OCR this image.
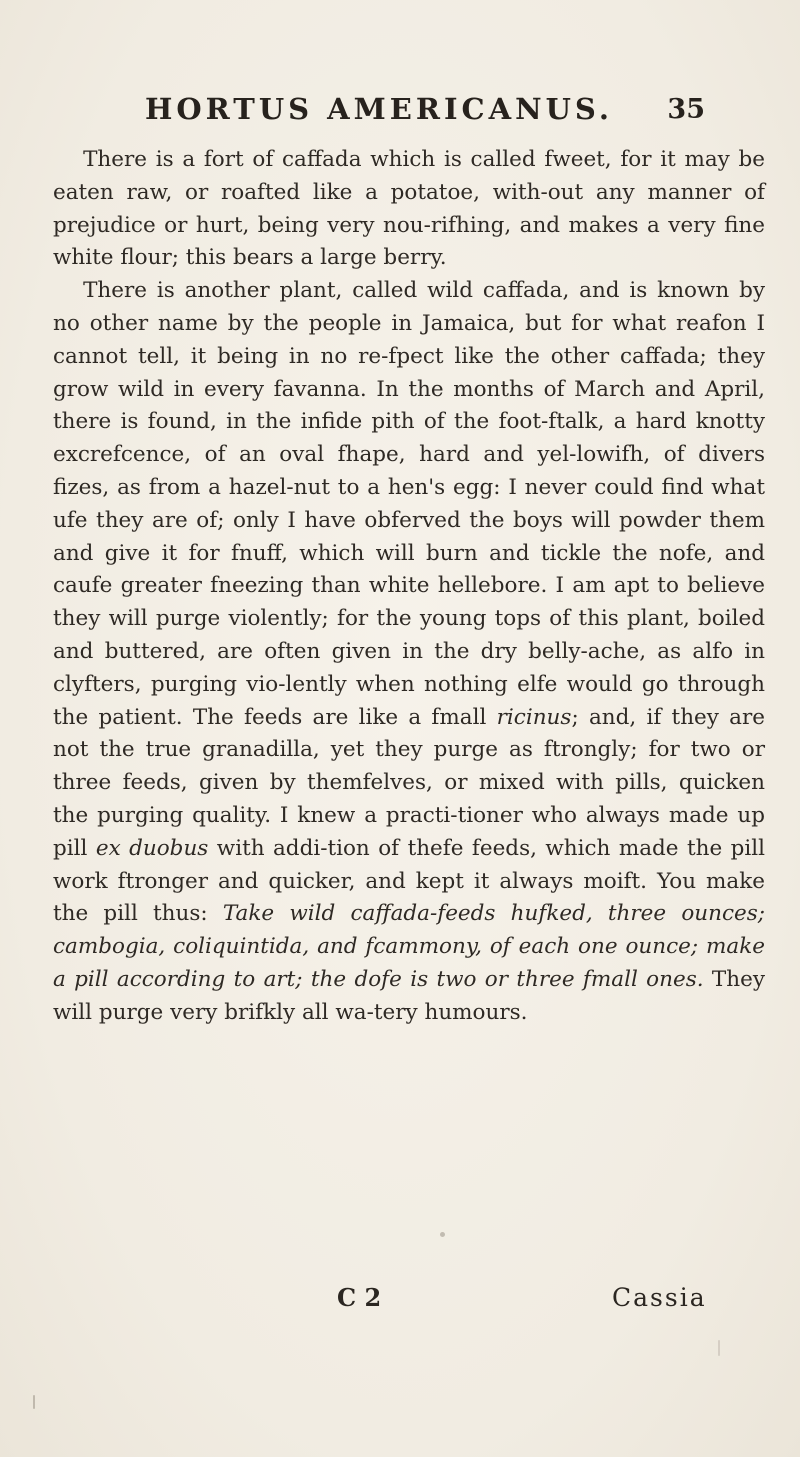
HORTUS AMERICANUS. 35

There is a fort of caffada which is called fweet, for it may be eaten raw, or roafted like a potatoe, with-out any manner of prejudice or hurt, being very nou-rifhing, and makes a very fine white flour; this bears a large berry.

There is another plant, called wild caffada, and is known by no other name by the people in Jamaica, but for what reafon I cannot tell, it being in no re-fpect like the other caffada; they grow wild in every favanna. In the months of March and April, there is found, in the infide pith of the foot-ftalk, a hard knotty excrefcence, of an oval fhape, hard and yel-lowifh, of divers fizes, as from a hazel-nut to a hen's egg: I never could find what ufe they are of; only I have obferved the boys will powder them and give it for fnuff, which will burn and tickle the nofe, and caufe greater fneezing than white hellebore. I am apt to believe they will purge violently; for the young tops of this plant, boiled and buttered, are often given in the dry belly-ache, as alfo in clyfters, purging vio-lently when nothing elfe would go through the patient. The feeds are like a fmall ricinus; and, if they are not the true granadilla, yet they purge as ftrongly; for two or three feeds, given by themfelves, or mixed with pills, quicken the purging quality. I knew a practi-tioner who always made up pill ex duobus with addi-tion of thefe feeds, which made the pill work ftronger and quicker, and kept it always moift. You make the pill thus: Take wild caffada-feeds hufked, three ounces; cambogia, coliquintida, and fcammony, of each one ounce; make a pill according to art; the dofe is two or three fmall ones. They will purge very brifkly all wa-tery humours.

C 2	Cassia
